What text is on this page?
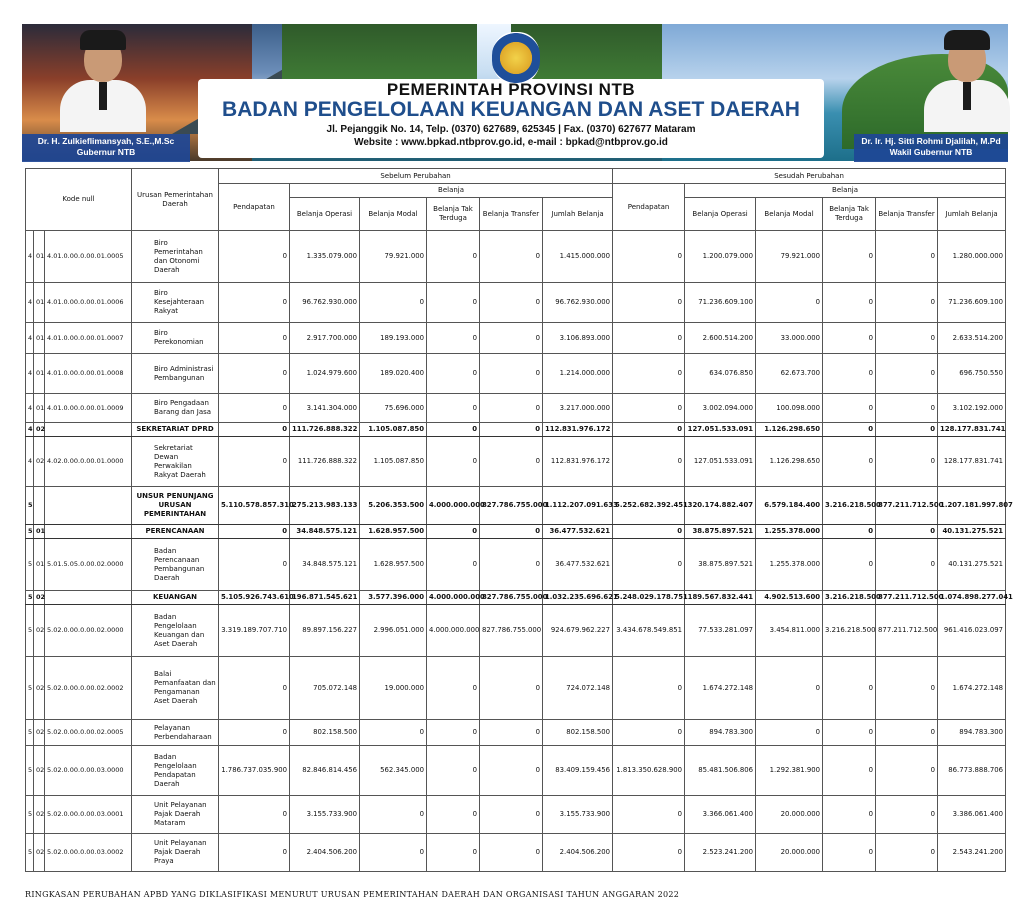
Dr. H. Zulkieflimansyah, S.E.,M.Sc
Gubernur NTB
Dr. Ir. Hj. Sitti Rohmi Djalilah, M.Pd
Wakil Gubernur NTB
PEMERINTAH PROVINSI NTB
BADAN PENGELOLAAN KEUANGAN DAN ASET DAERAH
Jl. Pejanggik No. 14, Telp. (0370) 627689, 625345 | Fax. (0370) 627677 Mataram
Website : www.bpkad.ntbprov.go.id, e-mail : bpkad@ntbprov.go.id
Kode null			Urusan Pemerintahan Daerah	Sebelum Perubahan						Sesudah Perubahan					
				Pendapatan	Belanja					Pendapatan	Belanja				
					Belanja Operasi	Belanja Modal	Belanja Tak Terduga	Belanja Transfer	Jumlah Belanja		Belanja Operasi	Belanja Modal	Belanja Tak Terduga	Belanja Transfer	Jumlah Belanja
4	01	4.01.0.00.0.00.01.0005	Biro Pemerintahan dan Otonomi Daerah	0	1.335.079.000	79.921.000	0	0	1.415.000.000	0	1.200.079.000	79.921.000	0	0	1.280.000.000
4	01	4.01.0.00.0.00.01.0006	Biro Kesejahteraan Rakyat	0	96.762.930.000	0	0	0	96.762.930.000	0	71.236.609.100	0	0	0	71.236.609.100
4	01	4.01.0.00.0.00.01.0007	Biro Perekonomian	0	2.917.700.000	189.193.000	0	0	3.106.893.000	0	2.600.514.200	33.000.000	0	0	2.633.514.200
4	01	4.01.0.00.0.00.01.0008	Biro Administrasi Pembangunan	0	1.024.979.600	189.020.400	0	0	1.214.000.000	0	634.076.850	62.673.700	0	0	696.750.550
4	01	4.01.0.00.0.00.01.0009	Biro Pengadaan Barang dan Jasa	0	3.141.304.000	75.696.000	0	0	3.217.000.000	0	3.002.094.000	100.098.000	0	0	3.102.192.000
4	02		SEKRETARIAT DPRD	0	111.726.888.322	1.105.087.850	0	0	112.831.976.172	0	127.051.533.091	1.126.298.650	0	0	128.177.831.741
4	02	4.02.0.00.0.00.01.0000	Sekretariat Dewan Perwakilan Rakyat Daerah	0	111.726.888.322	1.105.087.850	0	0	112.831.976.172	0	127.051.533.091	1.126.298.650	0	0	128.177.831.741
5			UNSUR PENUNJANG URUSAN PEMERINTAHAN	5.110.578.857.310	275.213.983.133	5.206.353.500	4.000.000.000	827.786.755.000	1.112.207.091.633	5.252.682.392.451	320.174.882.407	6.579.184.400	3.216.218.500	877.211.712.500	1.207.181.997.807
5	01		PERENCANAAN	0	34.848.575.121	1.628.957.500	0	0	36.477.532.621	0	38.875.897.521	1.255.378.000	0	0	40.131.275.521
5	01	5.01.5.05.0.00.02.0000	Badan Perencanaan Pembangunan Daerah	0	34.848.575.121	1.628.957.500	0	0	36.477.532.621	0	38.875.897.521	1.255.378.000	0	0	40.131.275.521
5	02		KEUANGAN	5.105.926.743.610	196.871.545.621	3.577.396.000	4.000.000.000	827.786.755.000	1.032.235.696.621	5.248.029.178.751	189.567.832.441	4.902.513.600	3.216.218.500	877.211.712.500	1.074.898.277.041
5	02	5.02.0.00.0.00.02.0000	Badan Pengelolaan Keuangan dan Aset Daerah	3.319.189.707.710	89.897.156.227	2.996.051.000	4.000.000.000	827.786.755.000	924.679.962.227	3.434.678.549.851	77.533.281.097	3.454.811.000	3.216.218.500	877.211.712.500	961.416.023.097
5	02	5.02.0.00.0.00.02.0002	Balai Pemanfaatan dan Pengamanan Aset Daerah	0	705.072.148	19.000.000	0	0	724.072.148	0	1.674.272.148	0	0	0	1.674.272.148
5	02	5.02.0.00.0.00.02.0005	Pelayanan Perbendaharaan	0	802.158.500	0	0	0	802.158.500	0	894.783.300	0	0	0	894.783.300
5	02	5.02.0.00.0.00.03.0000	Badan Pengelolaan Pendapatan Daerah	1.786.737.035.900	82.846.814.456	562.345.000	0	0	83.409.159.456	1.813.350.628.900	85.481.506.806	1.292.381.900	0	0	86.773.888.706
5	02	5.02.0.00.0.00.03.0001	Unit Pelayanan Pajak Daerah Mataram	0	3.155.733.900	0	0	0	3.155.733.900	0	3.366.061.400	20.000.000	0	0	3.386.061.400
5	02	5.02.0.00.0.00.03.0002	Unit Pelayanan Pajak Daerah Praya	0	2.404.506.200	0	0	0	2.404.506.200	0	2.523.241.200	20.000.000	0	0	2.543.241.200
RINGKASAN PERUBAHAN APBD YANG DIKLASIFIKASI MENURUT URUSAN PEMERINTAHAN DAERAH DAN ORGANISASI TAHUN ANGGARAN 2022
